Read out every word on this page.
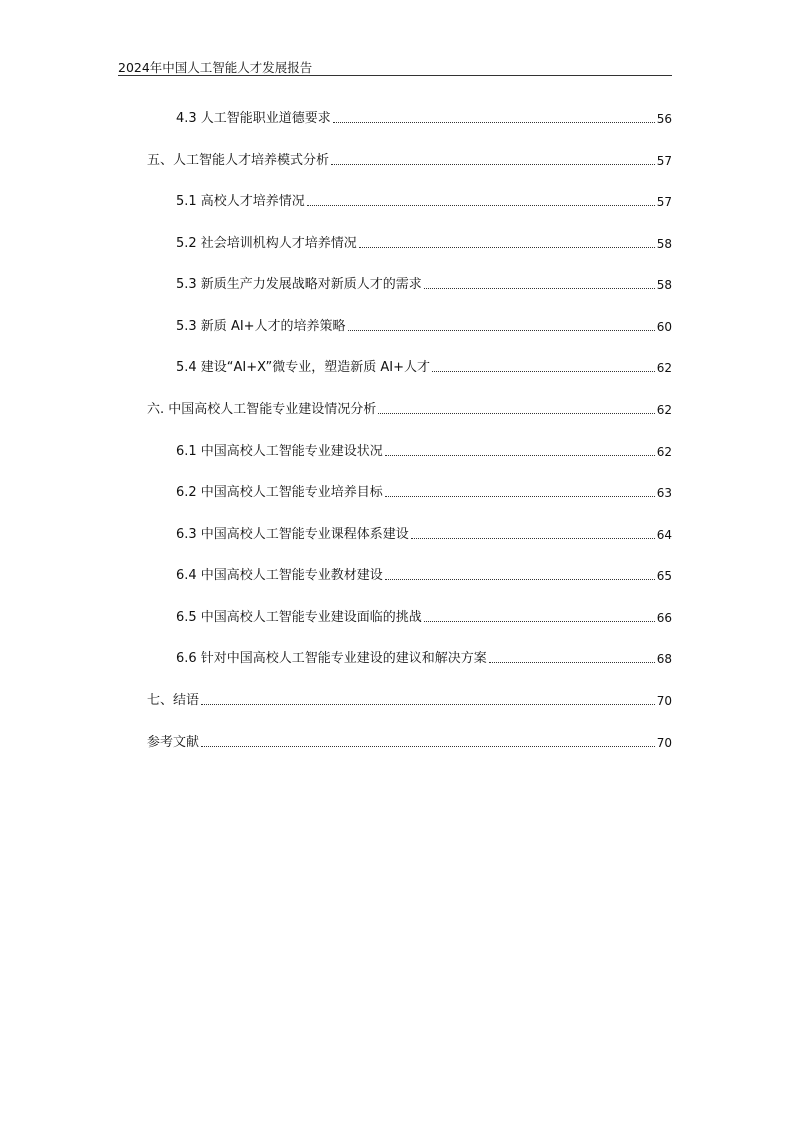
2024年中国人工智能人才发展报告
4.3 人工智能职业道德要求	56
五、人工智能人才培养模式分析	57
5.1 高校人才培养情况	57
5.2 社会培训机构人才培养情况	58
5.3 新质生产力发展战略对新质人才的需求	58
5.3 新质 AI+人才的培养策略	60
5.4 建设“AI+X”微专业，塑造新质 AI+人才	62
六. 中国高校人工智能专业建设情况分析	62
6.1 中国高校人工智能专业建设状况	62
6.2 中国高校人工智能专业培养目标	63
6.3 中国高校人工智能专业课程体系建设	64
6.4 中国高校人工智能专业教材建设	65
6.5 中国高校人工智能专业建设面临的挑战	66
6.6 针对中国高校人工智能专业建设的建议和解决方案	68
七、结语	70
参考文献	70
